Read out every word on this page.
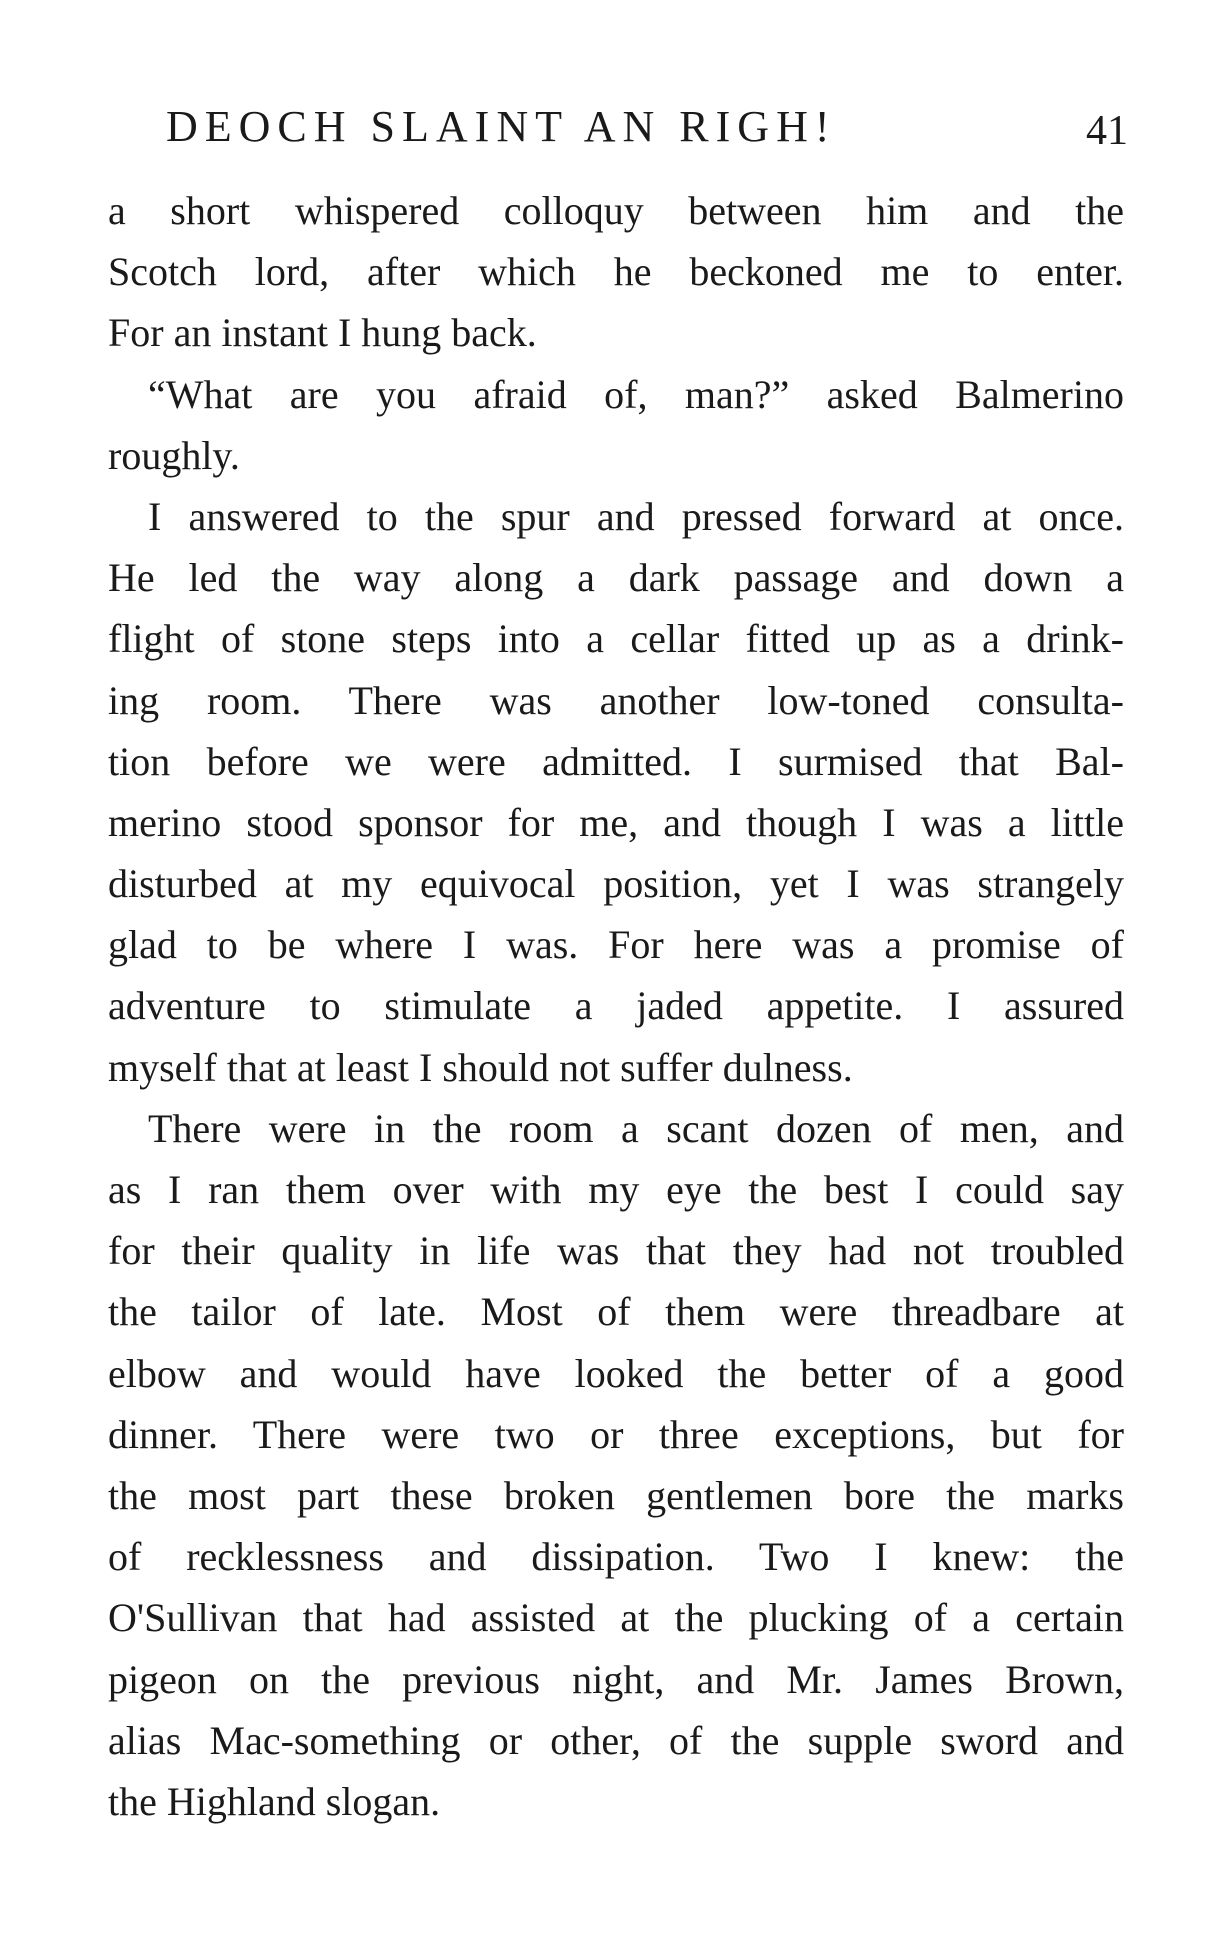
DEOCH SLAINT AN RIGH!	41
a short whispered colloquy between him and the
Scotch lord, after which he beckoned me to enter.
For an instant I hung back.
“What are you afraid of, man?” asked Balmerino
roughly.
I answered to the spur and pressed forward at once.
He led the way along a dark passage and down a
flight of stone steps into a cellar fitted up as a drink-
ing room. There was another low-toned consulta-
tion before we were admitted. I surmised that Bal-
merino stood sponsor for me, and though I was a little
disturbed at my equivocal position, yet I was strangely
glad to be where I was. For here was a promise of
adventure to stimulate a jaded appetite. I assured
myself that at least I should not suffer dulness.
There were in the room a scant dozen of men, and
as I ran them over with my eye the best I could say
for their quality in life was that they had not troubled
the tailor of late. Most of them were threadbare at
elbow and would have looked the better of a good
dinner. There were two or three exceptions, but for
the most part these broken gentlemen bore the marks
of recklessness and dissipation. Two I knew: the
O'Sullivan that had assisted at the plucking of a certain
pigeon on the previous night, and Mr. James Brown,
alias Mac-something or other, of the supple sword and
the Highland slogan.
